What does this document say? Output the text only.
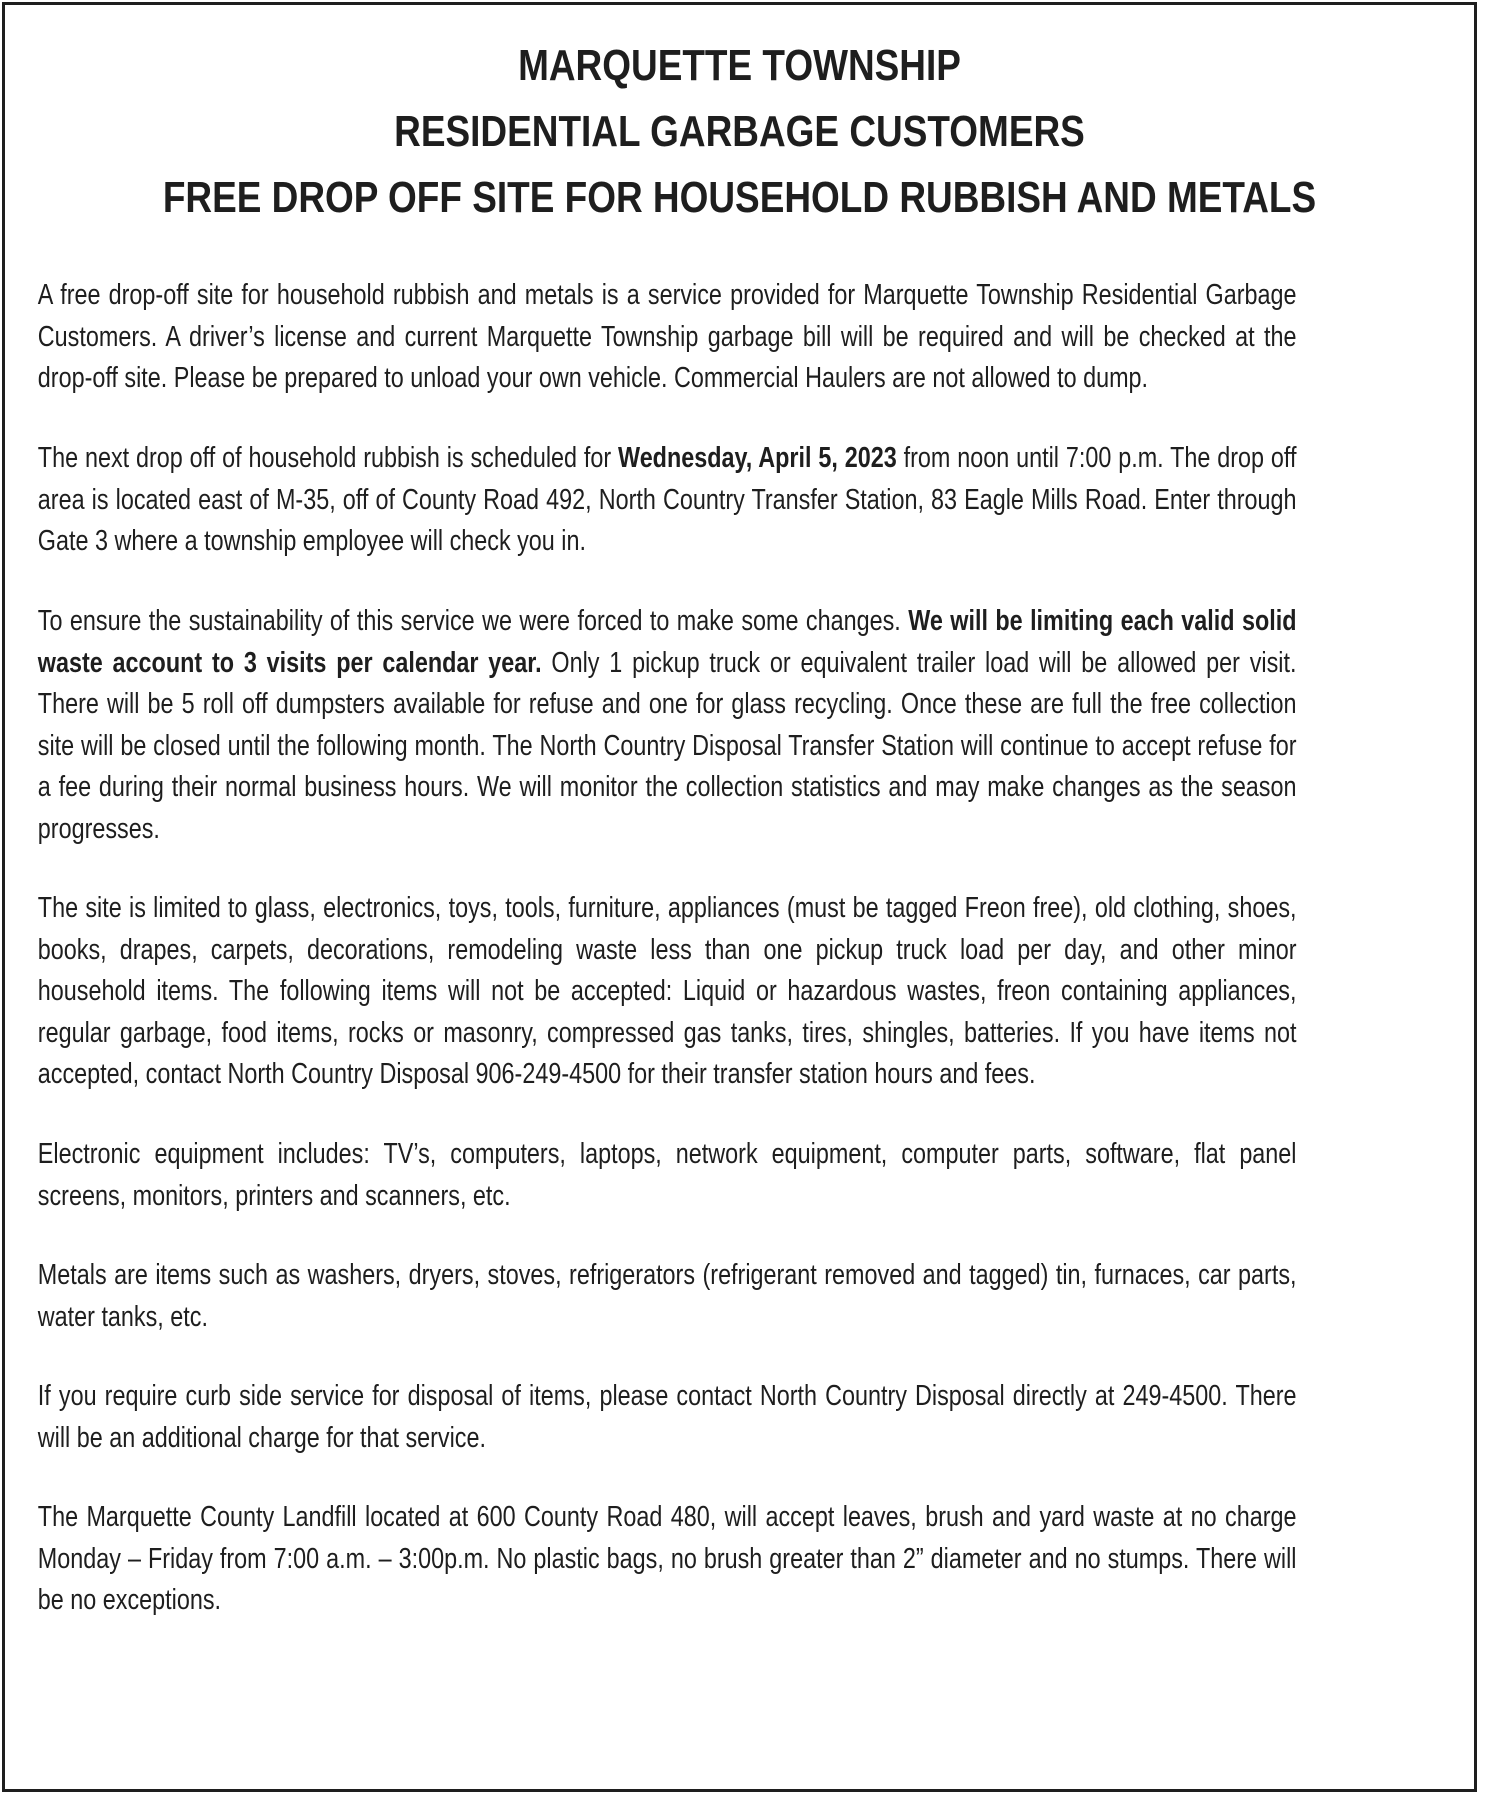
MARQUETTE TOWNSHIP
RESIDENTIAL GARBAGE CUSTOMERS
FREE DROP OFF SITE FOR HOUSEHOLD RUBBISH AND METALS

A free drop-off site for household rubbish and metals is a service provided for Marquette Township Residential Garbage Customers. A driver’s license and current Marquette Township garbage bill will be required and will be checked at the drop-off site. Please be prepared to unload your own vehicle. Commercial Haulers are not allowed to dump.

The next drop off of household rubbish is scheduled for Wednesday, April 5, 2023 from noon until 7:00 p.m. The drop off area is located east of M-35, off of County Road 492, North Country Transfer Station, 83 Eagle Mills Road. Enter through Gate 3 where a township employee will check you in.

To ensure the sustainability of this service we were forced to make some changes. We will be limiting each valid solid waste account to 3 visits per calendar year. Only 1 pickup truck or equivalent trailer load will be allowed per visit. There will be 5 roll off dumpsters available for refuse and one for glass recycling. Once these are full the free collection site will be closed until the following month. The North Country Disposal Transfer Station will continue to accept refuse for a fee during their normal business hours. We will monitor the collection statistics and may make changes as the season progresses.

The site is limited to glass, electronics, toys, tools, furniture, appliances (must be tagged Freon free), old clothing, shoes, books, drapes, carpets, decorations, remodeling waste less than one pickup truck load per day, and other minor household items. The following items will not be accepted: Liquid or hazardous wastes, freon containing appliances, regular garbage, food items, rocks or masonry, compressed gas tanks, tires, shingles, batteries. If you have items not accepted, contact North Country Disposal 906-249-4500 for their transfer station hours and fees.

Electronic equipment includes: TV’s, computers, laptops, network equipment, computer parts, software, flat panel screens, monitors, printers and scanners, etc.

Metals are items such as washers, dryers, stoves, refrigerators (refrigerant removed and tagged) tin, furnaces, car parts, water tanks, etc.

If you require curb side service for disposal of items, please contact North Country Disposal directly at 249-4500. There will be an additional charge for that service.

The Marquette County Landfill located at 600 County Road 480, will accept leaves, brush and yard waste at no charge Monday – Friday from 7:00 a.m. – 3:00p.m. No plastic bags, no brush greater than 2” diameter and no stumps. There will be no exceptions.
